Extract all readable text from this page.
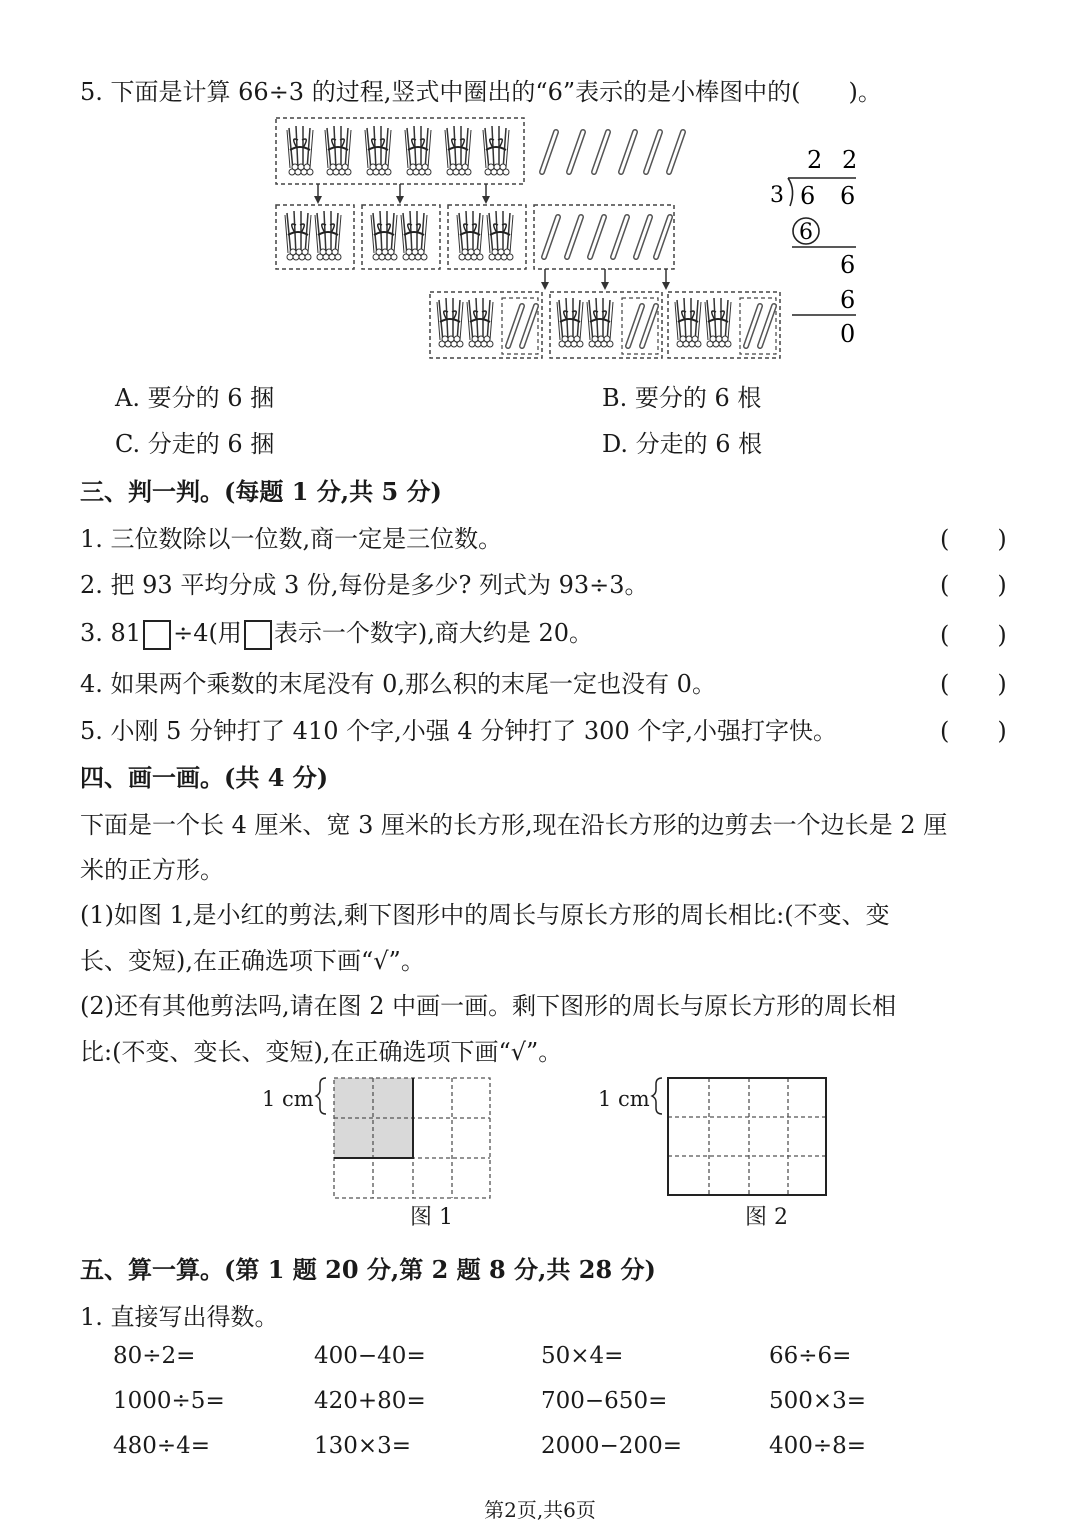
5. 下面是计算 66÷3 的过程,竖式中圈出的“6”表示的是小棒图中的(　　)。
2 2
3 6 6
6
6
6
0
A. 要分的 6 捆	B. 要分的 6 根
C. 分走的 6 捆	D. 分走的 6 根
三、判一判。(每题 1 分,共 5 分)
1. 三位数除以一位数,商一定是三位数。	(　　)
2. 把 93 平均分成 3 份,每份是多少? 列式为 93÷3。	(　　)
3. 81 ÷4(用 表示一个数字),商大约是 20。	(　　)
4. 如果两个乘数的末尾没有 0,那么积的末尾一定也没有 0。	(　　)
5. 小刚 5 分钟打了 410 个字,小强 4 分钟打了 300 个字,小强打字快。	(　　)
四、画一画。(共 4 分)
下面是一个长 4 厘米、宽 3 厘米的长方形,现在沿长方形的边剪去一个边长是 2 厘
米的正方形。
(1)如图 1,是小红的剪法,剩下图形中的周长与原长方形的周长相比:(不变、变
长、变短),在正确选项下画“√”。
(2)还有其他剪法吗,请在图 2 中画一画。剩下图形的周长与原长方形的周长相
比:(不变、变长、变短),在正确选项下画“√”。
1 cm
图 1
1 cm
图 2
五、算一算。(第 1 题 20 分,第 2 题 8 分,共 28 分)
1. 直接写出得数。
80÷2=	400−40=	50×4=	66÷6=
1000÷5=	420+80=	700−650=	500×3=
480÷4=	130×3=	2000−200=	400÷8=
第2页,共6页
